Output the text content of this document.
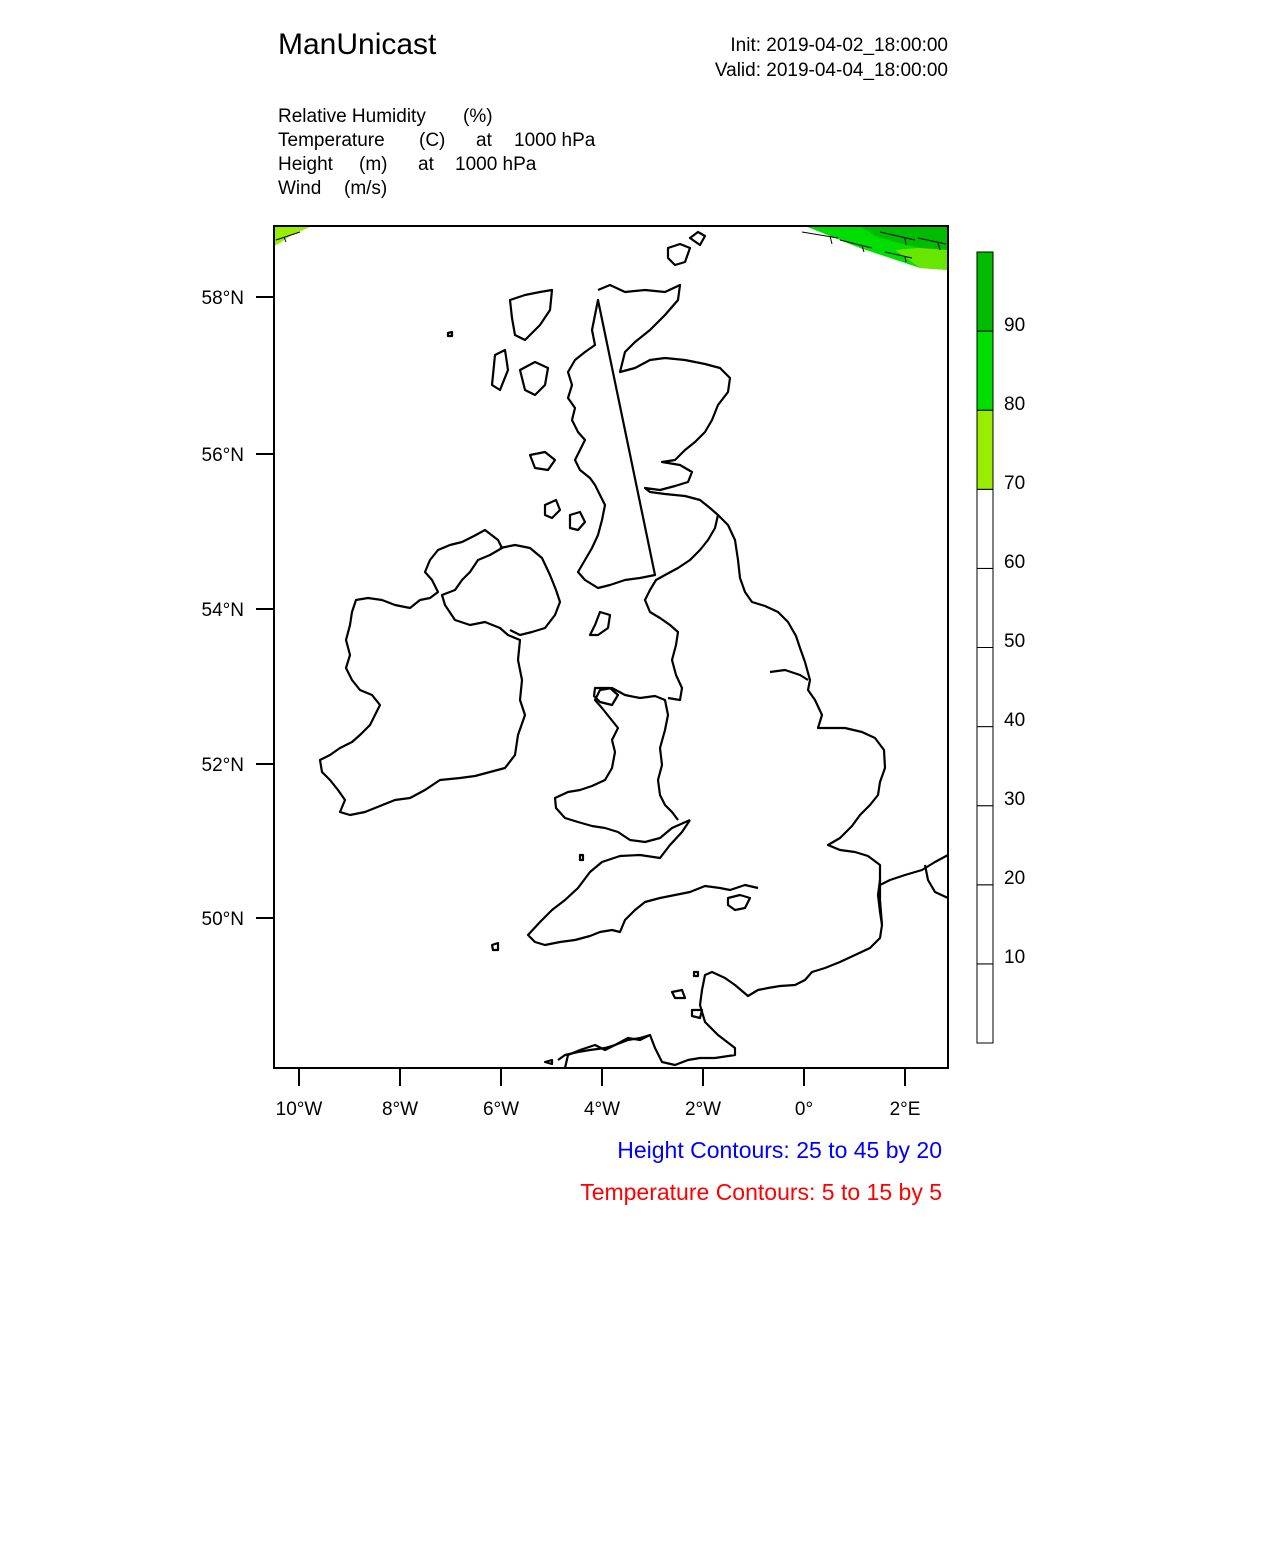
ManUnicast	Init: 2019-04-02_18:00:00
Valid: 2019-04-04_18:00:00
Relative Humidity (%)
Temperature (C) at 1000 hPa
Height (m) at 1000 hPa
Wind (m/s)
58°N
56°N
54°N
52°N
50°N
10°W	8°W	6°W	4°W	2°W	0°	2°E
10
20
30
40
50
60
70
80
90
Height Contours: 25 to 45 by 20
Temperature Contours: 5 to 15 by 5
